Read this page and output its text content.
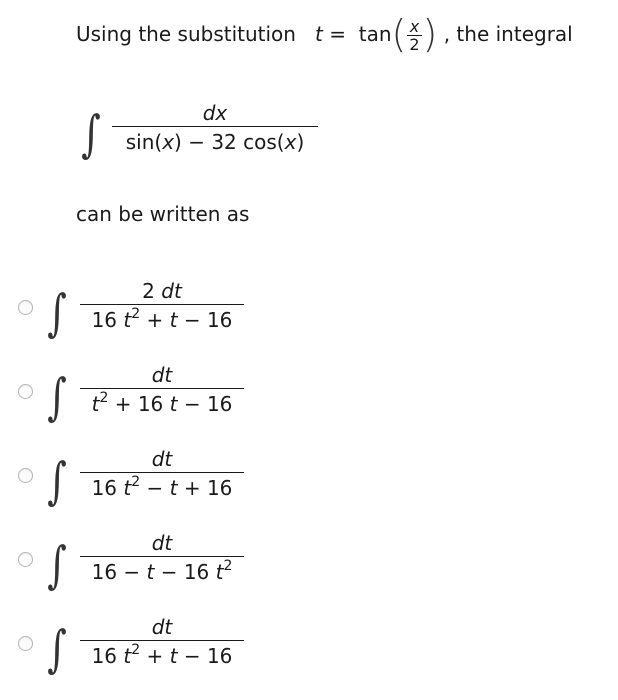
Using the substitution $t = \tan( \frac{x}{2}$ ) , the integral
∫	dx
sin(x) − 32 cos(x)
can be written as
∫	2 dt
16 $t^2 + t - 16$
∫	dt
$t^2 + 16$ t − 16
∫	dt
16 $t^2 - t + 16$
∫	dt
16 − t − 16 $t^2$
∫	dt
16 $t^2 + t - 16$
